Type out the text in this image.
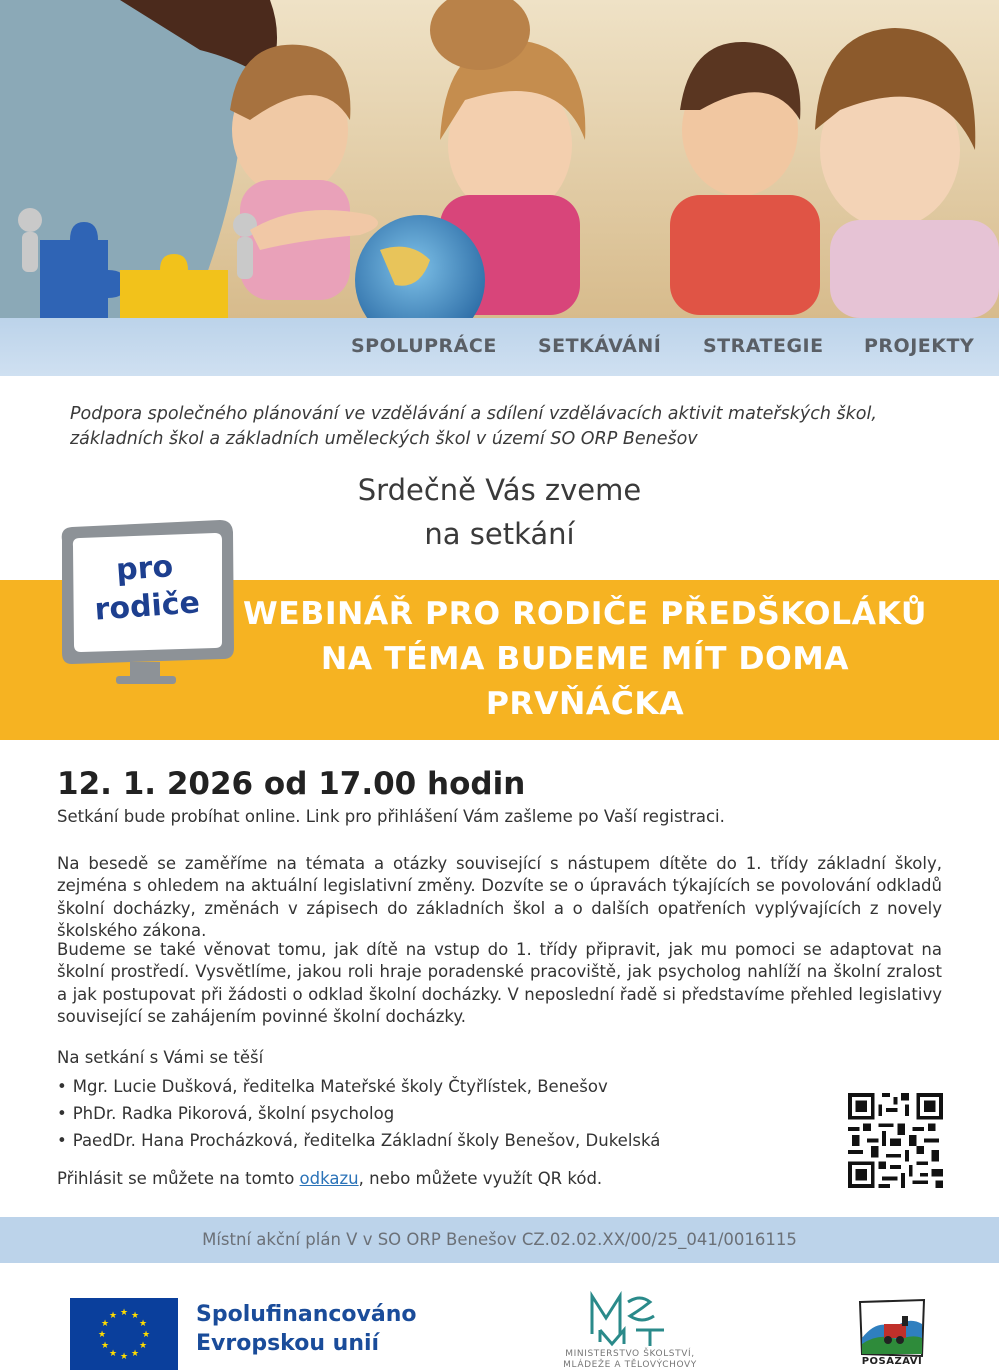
SPOLUPRÁCE SETKÁVÁNÍ STRATEGIE PROJEKTY

Podpora společného plánování ve vzdělávání a sdílení vzdělávacích aktivit mateřských škol, základních škol a základních uměleckých škol v území SO ORP Benešov

Srdečně Vás zveme
na setkání
pro
rodiče	WEBINÁŘ PRO RODIČE PŘEDŠKOLÁKŮ
NA TÉMA BUDEME MÍT DOMA
PRVŇÁČKA
12. 1. 2026 od 17.00 hodin

Setkání bude probíhat online. Link pro přihlášení Vám zašleme po Vaší registraci.

Na besedě se zaměříme na témata a otázky související s nástupem dítěte do 1. třídy základní školy, zejména s ohledem na aktuální legislativní změny. Dozvíte se o úpravách týkajících se povolování odkladů školní docházky, změnách v zápisech do základních škol a o dalších opatřeních vyplývajících z novely školského zákona.

Budeme se také věnovat tomu, jak dítě na vstup do 1. třídy připravit, jak mu pomoci se adaptovat na školní prostředí. Vysvětlíme, jakou roli hraje poradenské pracoviště, jak psycholog nahlíží na školní zralost a jak postupovat při žádosti o odklad školní docházky. V neposlední řadě si představíme přehled legislativy související se zahájením povinné školní docházky.

Na setkání s Vámi se těší

• Mgr. Lucie Dušková, ředitelka Mateřské školy Čtyřlístek, Benešov
• PhDr. Radka Pikorová, školní psycholog
• PaedDr. Hana Procházková, ředitelka Základní školy Benešov, Dukelská

Přihlásit se můžete na tomto odkazu, nebo můžete využít QR kód.

Místní akční plán V v SO ORP Benešov CZ.02.02.XX/00/25_041/0016115
★ ★
★
★
★
★
★
★
★
★
★
★	Spolufinancováno
Evropskou unií	MINISTERSTVO ŠKOLSTVÍ,
MLÁDEŽE A TĚLOVÝCHOVY	POSÁZAVÍ
